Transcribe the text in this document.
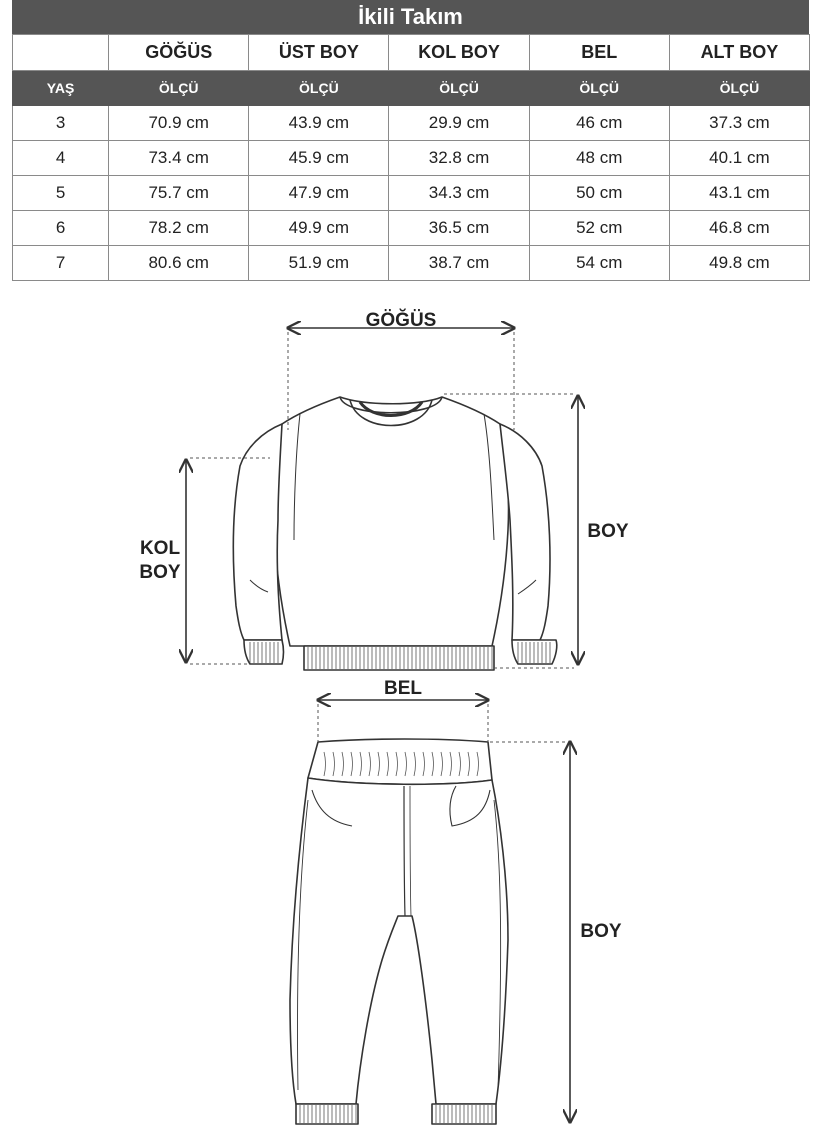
İkili Takım
	GÖĞÜS	ÜST BOY	KOL BOY	BEL	ALT BOY
YAŞ	ÖLÇÜ	ÖLÇÜ	ÖLÇÜ	ÖLÇÜ	ÖLÇÜ
3	70.9 cm	43.9 cm	29.9 cm	46 cm	37.3 cm
4	73.4 cm	45.9 cm	32.8 cm	48 cm	40.1 cm
5	75.7 cm	47.9 cm	34.3 cm	50 cm	43.1 cm
6	78.2 cm	49.9 cm	36.5 cm	52 cm	46.8 cm
7	80.6 cm	51.9 cm	38.7 cm	54 cm	49.8 cm
GÖĞÜS
KOL
BOY
BOY
BEL
BOY
